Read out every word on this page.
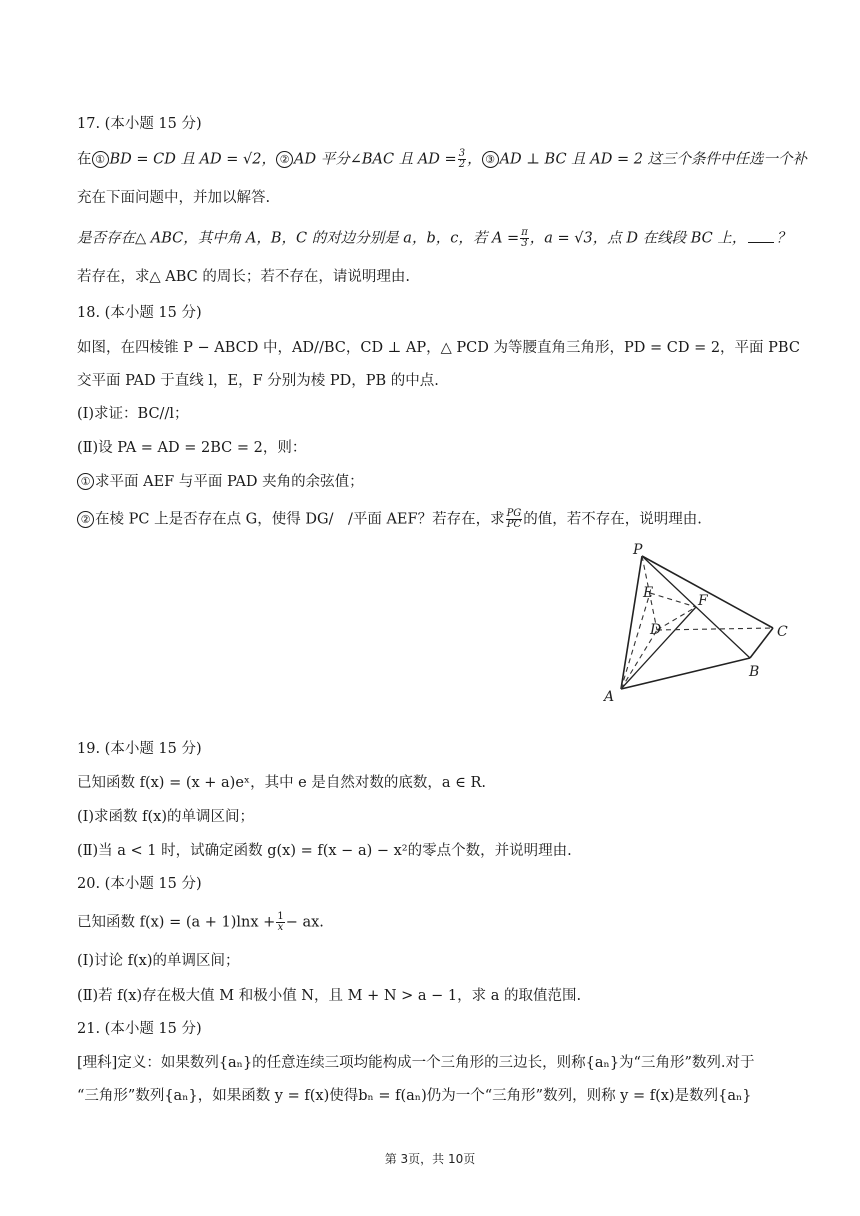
17. (本小题 15 分)
在 ① BD = CD 且 AD = √2， ② AD 平分∠BAC 且 AD = $\frac{3}{2}$ ， ③ AD ⊥ BC 且 AD = 2 这三个条件中任选一个补
充在下面问题中，并加以解答.
是否存在△ ABC，其中角 A，B，C 的对边分别是 a，b，c，若 $A = \frac{\pi}{3}$ ，a = √3，点 D 在线段 BC 上， ？
若存在，求△ ABC 的周长；若不存在，请说明理由.
18. (本小题 15 分)
如图，在四棱锥 P − ABCD 中，AD//BC，CD ⊥ AP，△ PCD 为等腰直角三角形，PD = CD = 2，平面 PBC
交平面 PAD 于直线 l，E，F 分别为棱 PD，PB 的中点.
(Ⅰ)求证：BC//l；
(Ⅱ)设 PA = AD = 2BC = 2，则：
① 求平面 AEF 与平面 PAD 夹角的余弦值；
② 在棱 PC 上是否存在点 G，使得 DG/　/平面 AEF？若存在，求 $\frac{PG}{PC}$ 的值，若不存在，说明理由.
P
E	F
D	C
B
A
19. (本小题 15 分)
已知函数 f(x) = (x + a)eˣ，其中 e 是自然对数的底数，a ∈ R.
(Ⅰ)求函数 f(x)的单调区间；
(Ⅱ)当 a < 1 时，试确定函数 g(x) = f(x − a) − x²的零点个数，并说明理由.
20. (本小题 15 分)
已知函数 $f(x) = (a + 1)\ln x + \frac{1}{x}$ − ax.
(Ⅰ)讨论 f(x)的单调区间；
(Ⅱ)若 f(x)存在极大值 M 和极小值 N，且 M + N > a − 1，求 a 的取值范围.
21. (本小题 15 分)
[理科]定义：如果数列{aₙ}的任意连续三项均能构成一个三角形的三边长，则称{aₙ}为“三角形”数列.对于
“三角形”数列{aₙ}，如果函数 y = f(x)使得bₙ = f(aₙ)仍为一个“三角形”数列，则称 y = f(x)是数列{aₙ}
第 3页，共 10页
